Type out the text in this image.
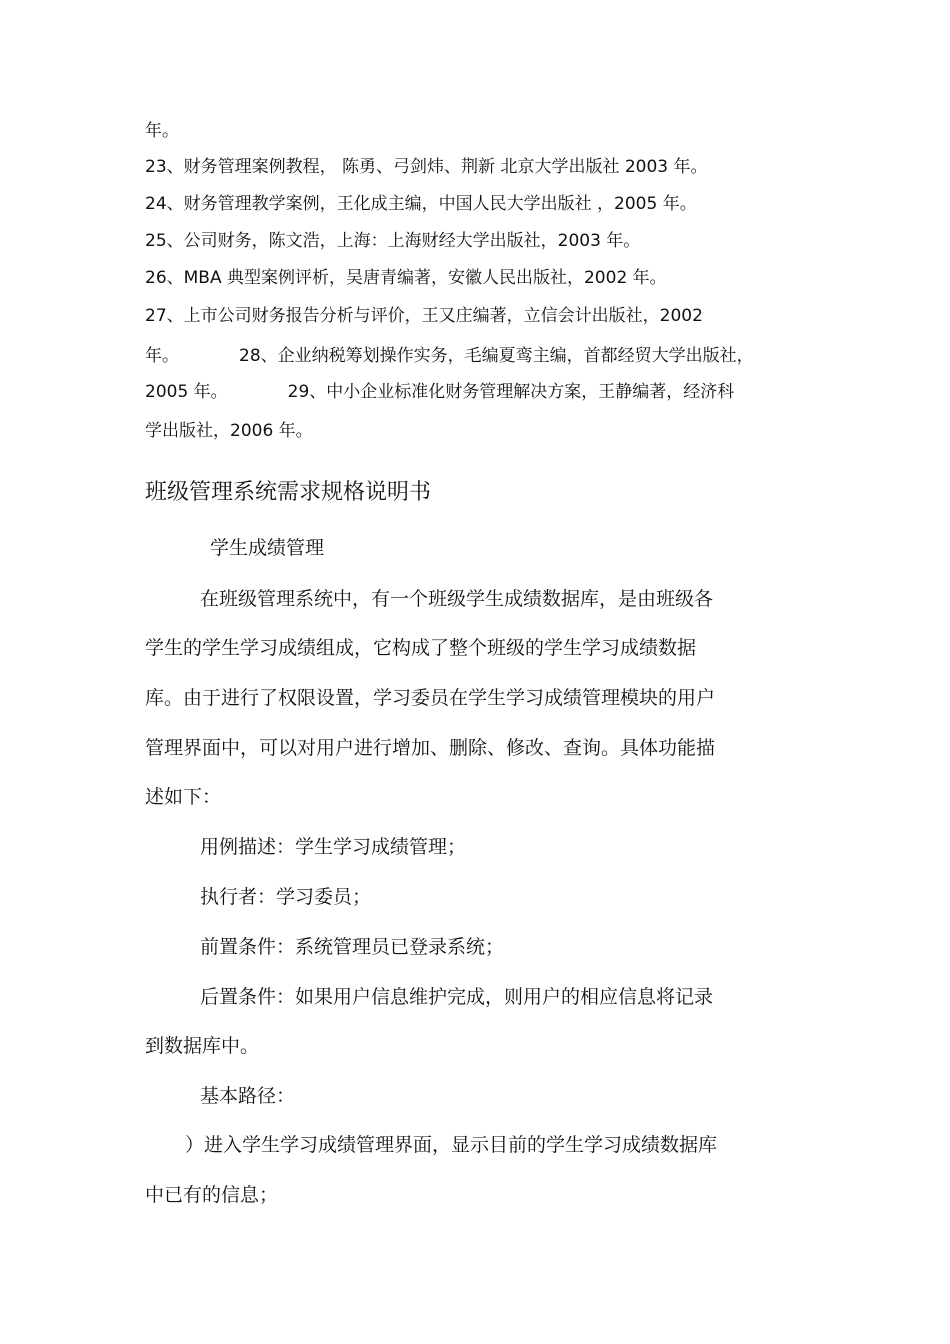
年。
23、财务管理案例教程， 陈勇、弓剑炜、荆新 北京大学出版社 2003 年。
24、财务管理教学案例，王化成主编，中国人民大学出版社 ，2005 年。
25、公司财务，陈文浩，上海：上海财经大学出版社，2003 年。
26、MBA 典型案例评析，吴唐青编著，安徽人民出版社，2002 年。
27、上市公司财务报告分析与评价，王又庄编著，立信会计出版社，2002
年。	28、企业纳税筹划操作实务，毛编夏鸾主编，首都经贸大学出版社，
2005 年。	29、中小企业标准化财务管理解决方案，王静编著，经济科
学出版社，2006 年。
班级管理系统需求规格说明书
学生成绩管理
在班级管理系统中，有一个班级学生成绩数据库，是由班级各
学生的学生学习成绩组成，它构成了整个班级的学生学习成绩数据
库。由于进行了权限设置，学习委员在学生学习成绩管理模块的用户
管理界面中，可以对用户进行增加、删除、修改、查询。具体功能描
述如下：
用例描述：学生学习成绩管理；
执行者：学习委员；
前置条件：系统管理员已登录系统；
后置条件：如果用户信息维护完成，则用户的相应信息将记录
到数据库中。
基本路径：
）进入学生学习成绩管理界面，显示目前的学生学习成绩数据库
中已有的信息；
